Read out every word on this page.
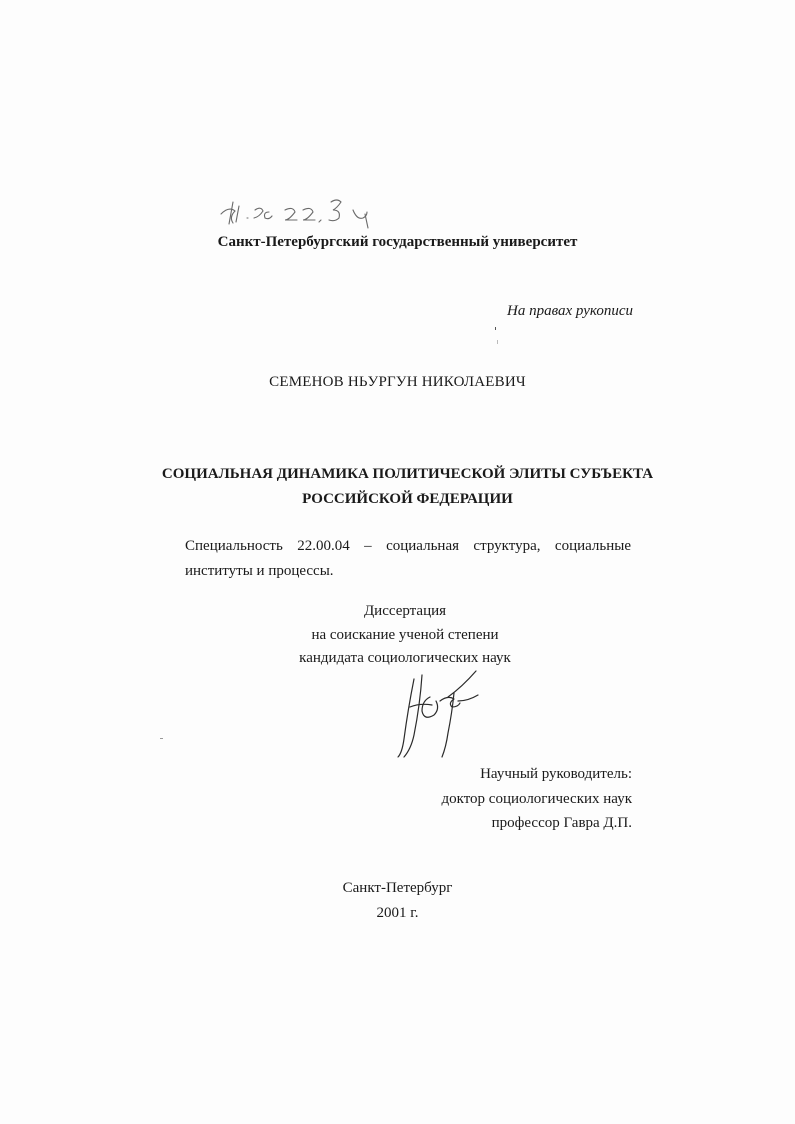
Санкт-Петербургский государственный университет
На правах рукописи
СЕМЕНОВ НЬУРГУН НИКОЛАЕВИЧ
СОЦИАЛЬНАЯ ДИНАМИКА ПОЛИТИЧЕСКОЙ ЭЛИТЫ СУБЪЕКТА
РОССИЙСКОЙ ФЕДЕРАЦИИ
Специальность 22.00.04 – социальная структура, социальные институты и процессы.
Диссертация
на соискание ученой степени
кандидата социологических наук
Научный руководитель:
доктор социологических наук
профессор Гавра Д.П.
Санкт-Петербург
2001 г.
